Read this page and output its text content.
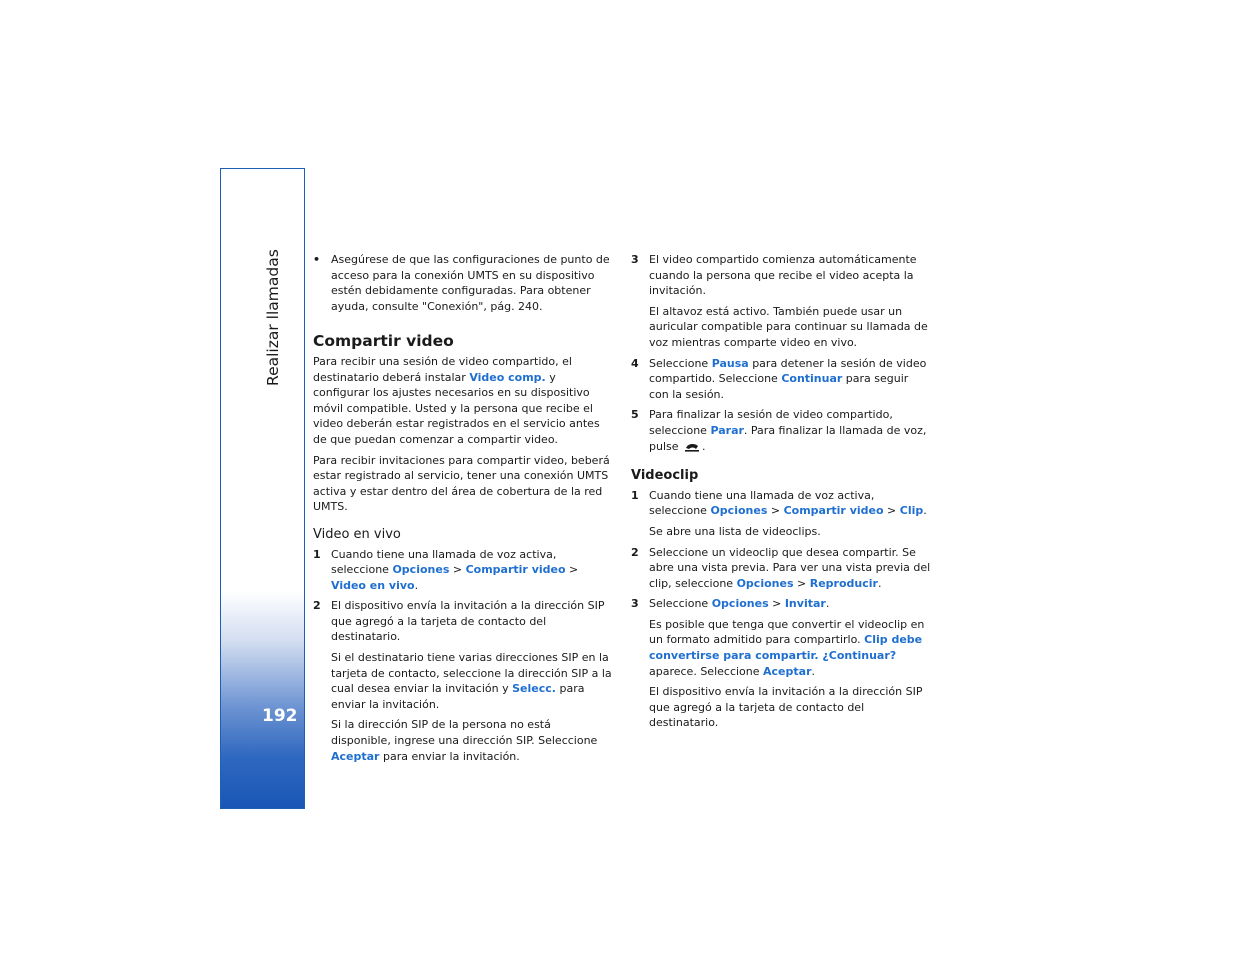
Realizar llamadas
192
• Asegúrese de que las configuraciones de punto de acceso para la conexión UMTS en su dispositivo estén debidamente configuradas. Para obtener ayuda, consulte "Conexión", pág. 240.

Compartir video

Para recibir una sesión de video compartido, el destinatario deberá instalar Video comp. y configurar los ajustes necesarios en su dispositivo móvil compatible. Usted y la persona que recibe el video deberán estar registrados en el servicio antes de que puedan comenzar a compartir video.

Para recibir invitaciones para compartir video, beberá estar registrado al servicio, tener una conexión UMTS activa y estar dentro del área de cobertura de la red UMTS.

Video en vivo
1 Cuando tiene una llamada de voz activa, seleccione Opciones > Compartir video > Video en vivo.

2 El dispositivo envía la invitación a la dirección SIP que agregó a la tarjeta de contacto del destinatario.

Si el destinatario tiene varias direcciones SIP en la tarjeta de contacto, seleccione la dirección SIP a la cual desea enviar la invitación y Selecc. para enviar la invitación.

Si la dirección SIP de la persona no está disponible, ingrese una dirección SIP. Seleccione Aceptar para enviar la invitación.

3 El video compartido comienza automáticamente cuando la persona que recibe el video acepta la invitación.

El altavoz está activo. También puede usar un auricular compatible para continuar su llamada de voz mientras comparte video en vivo.

4 Seleccione Pausa para detener la sesión de video compartido. Seleccione Continuar para seguir con la sesión.

5 Para finalizar la sesión de video compartido, seleccione Parar. Para finalizar la llamada de voz, pulse .

Videoclip
1 Cuando tiene una llamada de voz activa, seleccione Opciones > Compartir video > Clip.

Se abre una lista de videoclips.

2 Seleccione un videoclip que desea compartir. Se abre una vista previa. Para ver una vista previa del clip, seleccione Opciones > Reproducir.

3 Seleccione Opciones > Invitar.

Es posible que tenga que convertir el videoclip en un formato admitido para compartirlo. Clip debe convertirse para compartir. ¿Continuar? aparece. Seleccione Aceptar.

El dispositivo envía la invitación a la dirección SIP que agregó a la tarjeta de contacto del destinatario.
